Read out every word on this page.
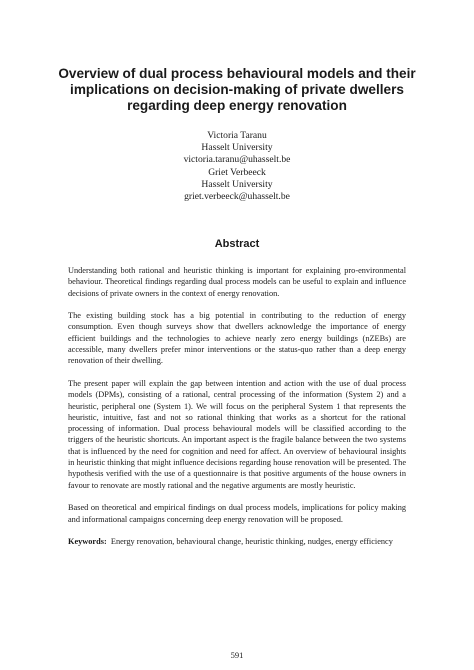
Overview of dual process behavioural models and their implications on decision-making of private dwellers regarding deep energy renovation
Victoria Taranu
Hasselt University
victoria.taranu@uhasselt.be
Griet Verbeeck
Hasselt University
griet.verbeeck@uhasselt.be
Abstract

Understanding both rational and heuristic thinking is important for explaining pro-environmental behaviour. Theoretical findings regarding dual process models can be useful to explain and influence decisions of private owners in the context of energy renovation.

The existing building stock has a big potential in contributing to the reduction of energy consumption. Even though surveys show that dwellers acknowledge the importance of energy efficient buildings and the technologies to achieve nearly zero energy buildings (nZEBs) are accessible, many dwellers prefer minor interventions or the status-quo rather than a deep energy renovation of their dwelling.

The present paper will explain the gap between intention and action with the use of dual process models (DPMs), consisting of a rational, central processing of the information (System 2) and a heuristic, peripheral one (System 1). We will focus on the peripheral System 1 that represents the heuristic, intuitive, fast and not so rational thinking that works as a shortcut for the rational processing of information. Dual process behavioural models will be classified according to the triggers of the heuristic shortcuts. An important aspect is the fragile balance between the two systems that is influenced by the need for cognition and need for affect. An overview of behavioural insights in heuristic thinking that might influence decisions regarding house renovation will be presented. The hypothesis verified with the use of a questionnaire is that positive arguments of the house owners in favour to renovate are mostly rational and the negative arguments are mostly heuristic.

Based on theoretical and empirical findings on dual process models, implications for policy making and informational campaigns concerning deep energy renovation will be proposed.

Keywords: Energy renovation, behavioural change, heuristic thinking, nudges, energy efficiency

591
